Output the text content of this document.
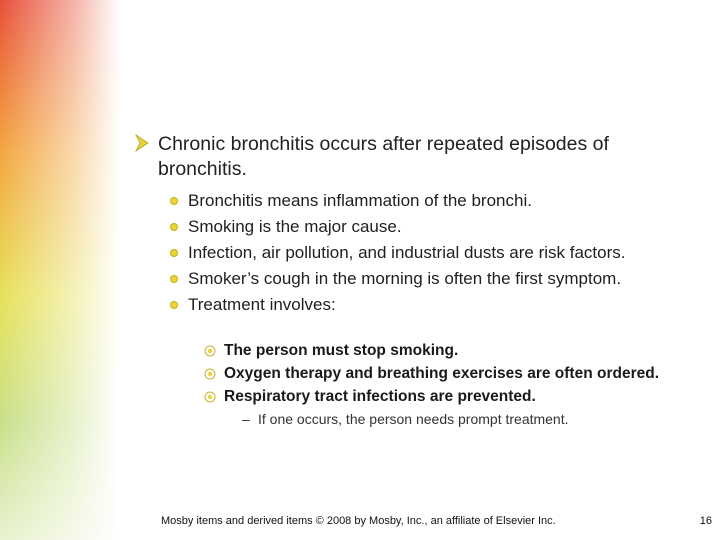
Chronic bronchitis occurs after repeated episodes of bronchitis.
Bronchitis means inflammation of the bronchi.
Smoking is the major cause.
Infection, air pollution, and industrial dusts are risk factors.
Smoker’s cough in the morning is often the first symptom.
Treatment involves:
The person must stop smoking.
Oxygen therapy and breathing exercises are often ordered.
Respiratory tract infections are prevented.
– If one occurs, the person needs prompt treatment.
Mosby items and derived items © 2008 by Mosby, Inc., an affiliate of Elsevier Inc.	16
